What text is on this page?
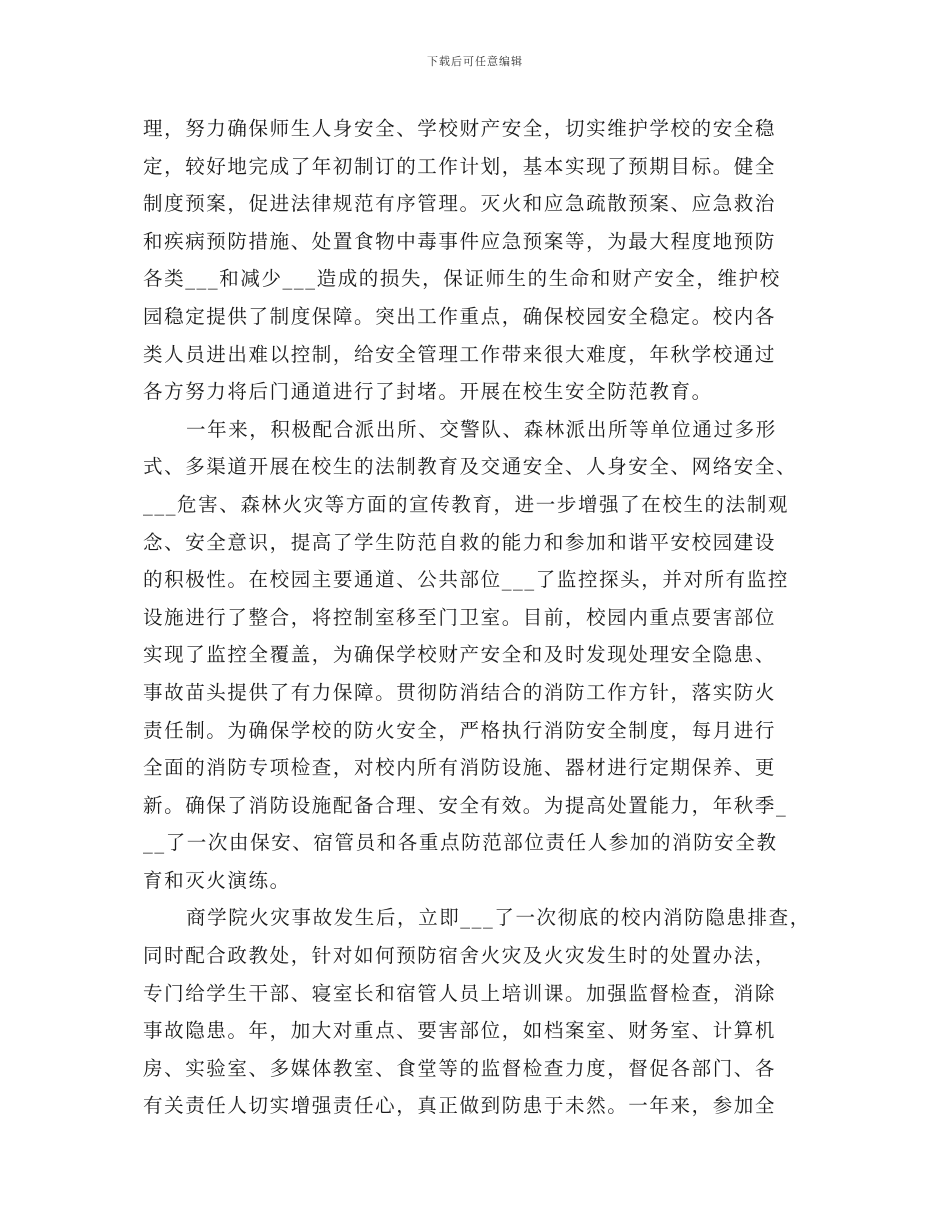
下载后可任意编辑
理，努力确保师生人身安全、学校财产安全，切实维护学校的安全稳
定，较好地完成了年初制订的工作计划，基本实现了预期目标。健全
制度预案，促进法律规范有序管理。灭火和应急疏散预案、应急救治
和疾病预防措施、处置食物中毒事件应急预案等，为最大程度地预防
各类___和减少___造成的损失，保证师生的生命和财产安全，维护校
园稳定提供了制度保障。突出工作重点，确保校园安全稳定。校内各
类人员进出难以控制，给安全管理工作带来很大难度，年秋学校通过
各方努力将后门通道进行了封堵。开展在校生安全防范教育。
一年来，积极配合派出所、交警队、森林派出所等单位通过多形
式、多渠道开展在校生的法制教育及交通安全、人身安全、网络安全、
___危害、森林火灾等方面的宣传教育，进一步增强了在校生的法制观
念、安全意识，提高了学生防范自救的能力和参加和谐平安校园建设
的积极性。在校园主要通道、公共部位___了监控探头，并对所有监控
设施进行了整合，将控制室移至门卫室。目前，校园内重点要害部位
实现了监控全覆盖，为确保学校财产安全和及时发现处理安全隐患、
事故苗头提供了有力保障。贯彻防消结合的消防工作方针，落实防火
责任制。为确保学校的防火安全，严格执行消防安全制度，每月进行
全面的消防专项检查，对校内所有消防设施、器材进行定期保养、更
新。确保了消防设施配备合理、安全有效。为提高处置能力，年秋季_
__了一次由保安、宿管员和各重点防范部位责任人参加的消防安全教
育和灭火演练。
商学院火灾事故发生后，立即___了一次彻底的校内消防隐患排查，
同时配合政教处，针对如何预防宿舍火灾及火灾发生时的处置办法，
专门给学生干部、寝室长和宿管人员上培训课。加强监督检查，消除
事故隐患。年，加大对重点、要害部位，如档案室、财务室、计算机
房、实验室、多媒体教室、食堂等的监督检查力度，督促各部门、各
有关责任人切实增强责任心，真正做到防患于未然。一年来，参加全
